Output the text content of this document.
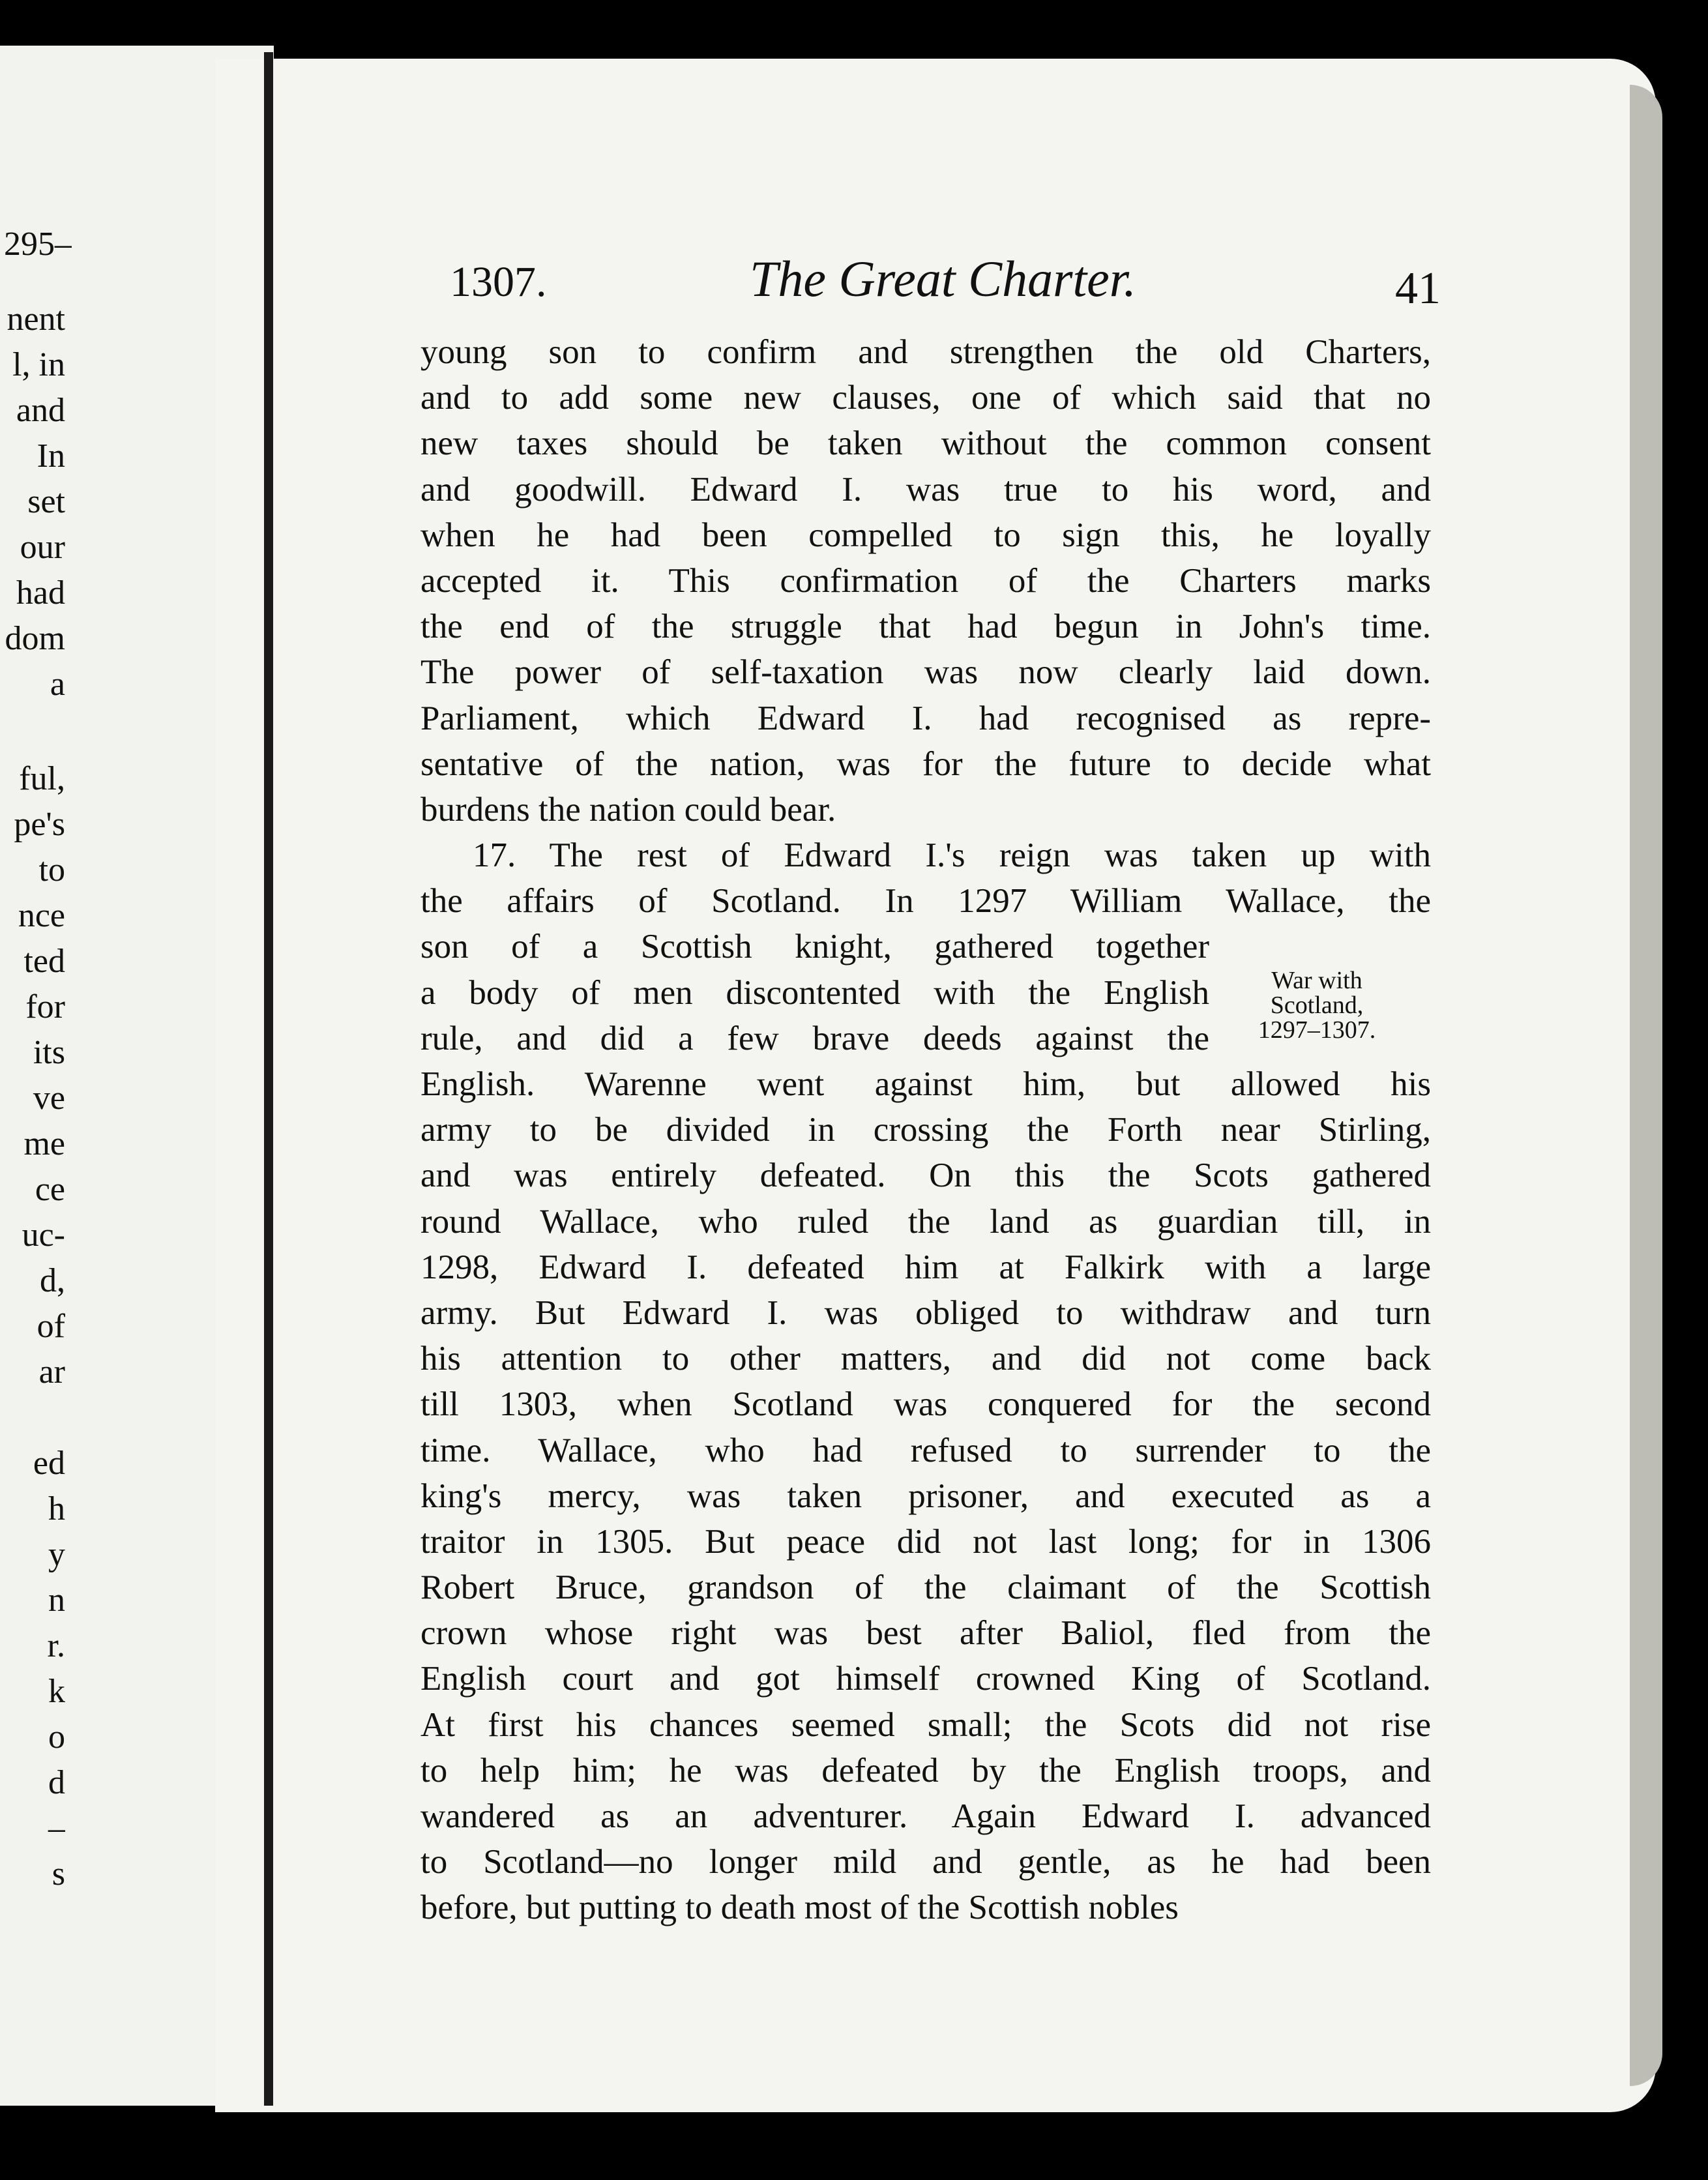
295–
nent
l, in
and
In
set
our
had
dom
a
ful,
pe's
to
nce
ted
for
its
ve
me
ce
uc-
d,
of
ar
ed
h
y
n
r.
k
o
d
–
s
1307.	The Great Charter.	41
young son to confirm and strengthen the old Charters,
and to add some new clauses, one of which said that no
new taxes should be taken without the common consent
and goodwill. Edward I. was true to his word, and
when he had been compelled to sign this, he loyally
accepted it. This confirmation of the Charters marks
the end of the struggle that had begun in John's time.
The power of self-taxation was now clearly laid down.
Parliament, which Edward I. had recognised as repre-
sentative of the nation, was for the future to decide what
burdens the nation could bear.
17. The rest of Edward I.'s reign was taken up with
the affairs of Scotland. In 1297 William Wallace, the
son of a Scottish knight, gathered together
a body of men discontented with the English
rule, and did a few brave deeds against the
English. Warenne went against him, but allowed his
army to be divided in crossing the Forth near Stirling,
and was entirely defeated. On this the Scots gathered
round Wallace, who ruled the land as guardian till, in
1298, Edward I. defeated him at Falkirk with a large
army. But Edward I. was obliged to withdraw and turn
his attention to other matters, and did not come back
till 1303, when Scotland was conquered for the second
time. Wallace, who had refused to surrender to the
king's mercy, was taken prisoner, and executed as a
traitor in 1305. But peace did not last long; for in 1306
Robert Bruce, grandson of the claimant of the Scottish
crown whose right was best after Baliol, fled from the
English court and got himself crowned King of Scotland.
At first his chances seemed small; the Scots did not rise
to help him; he was defeated by the English troops, and
wandered as an adventurer. Again Edward I. advanced
to Scotland—no longer mild and gentle, as he had been
before, but putting to death most of the Scottish nobles
War with
Scotland,
1297–1307.
